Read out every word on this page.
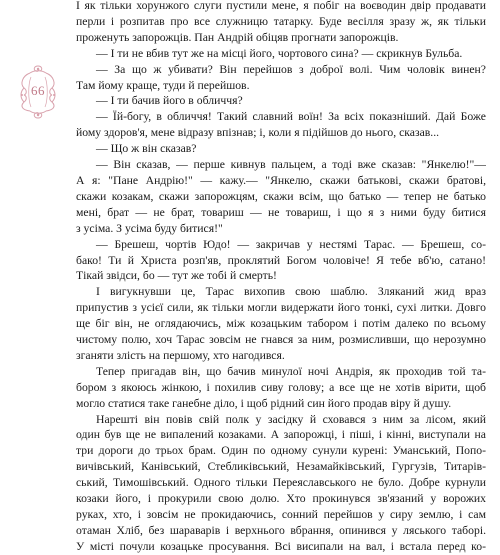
66
І як тільки хорунжого слуги пустили мене, я побіг на воєводин двір продавати
перли і розпитав про все служницю татарку. Буде весілля зразу ж, як тільки
проженуть запорожців. Пан Андрій обіцяв прогнати запорожців.
— І ти не вбив тут же на місці його, чортового сина? — скрикнув Бульба.
— За що ж убивати? Він перейшов з доброї волі. Чим чоловік винен?
Там йому краще, туди й перейшов.
— І ти бачив його в обличчя?
— Їй-богу, в обличчя! Такий славний воїн! За всіх показніший. Дай Боже
йому здоров'я, мене відразу впізнав; і, коли я підійшов до нього, сказав...
— Що ж він сказав?
— Він сказав, — перше кивнув пальцем, а тоді вже сказав: "Янкелю!"—
А я: "Пане Андрію!" — кажу.— "Янкелю, скажи батькові, скажи братові,
скажи козакам, скажи запорожцям, скажи всім, що батько — тепер не батько
мені, брат — не брат, товариш — не товариш, і що я з ними буду битися
з усіма. З усіма буду битися!"
— Брешеш, чортів Юдо! — закричав у нестямі Тарас. — Брешеш, со-
бако! Ти й Христа розп'яв, проклятий Богом чоловіче! Я тебе вб'ю, сатано!
Тікай звідси, бо — тут же тобі й смерть!
І вигукнувши це, Тарас вихопив свою шаблю. Зляканий жид враз
припустив з усієї сили, як тільки могли видержати його тонкі, сухі литки. Довго
ще біг він, не оглядаючись, між козацьким табором і потім далеко по всьому
чистому полю, хоч Тарас зовсім не гнався за ним, розмисливши, що нерозумно
зганяти злість на першому, хто нагодився.
Тепер пригадав він, що бачив минулої ночі Андрія, як проходив той та-
бором з якоюсь жінкою, і похилив сиву голову; а все ще не хотів вірити, щоб
могло статися таке ганебне діло, і щоб рідний син його продав віру й душу.
Нарешті він повів свій полк у засідку й сховався з ним за лісом, який
один був ще не випалений козаками. А запорожці, і піші, і кінні, виступали на
три дороги до трьох брам. Один по одному сунули курені: Уманський, Попо-
вичівський, Канівський, Стебликівський, Незамайківський, Гургузів, Титарів-
ський, Тимошівський. Одного тільки Переяславського не було. Добре курнули
козаки його, і прокурили свою долю. Хто прокинувся зв'язаний у ворожих
руках, хто, і зовсім не прокидаючись, сонний перейшов у сиру землю, і сам
отаман Хліб, без шараварів і верхнього вбрання, опинився у ляського таборі.
У місті почули козацьке просування. Всі висипали на вал, і встала перед ко-
